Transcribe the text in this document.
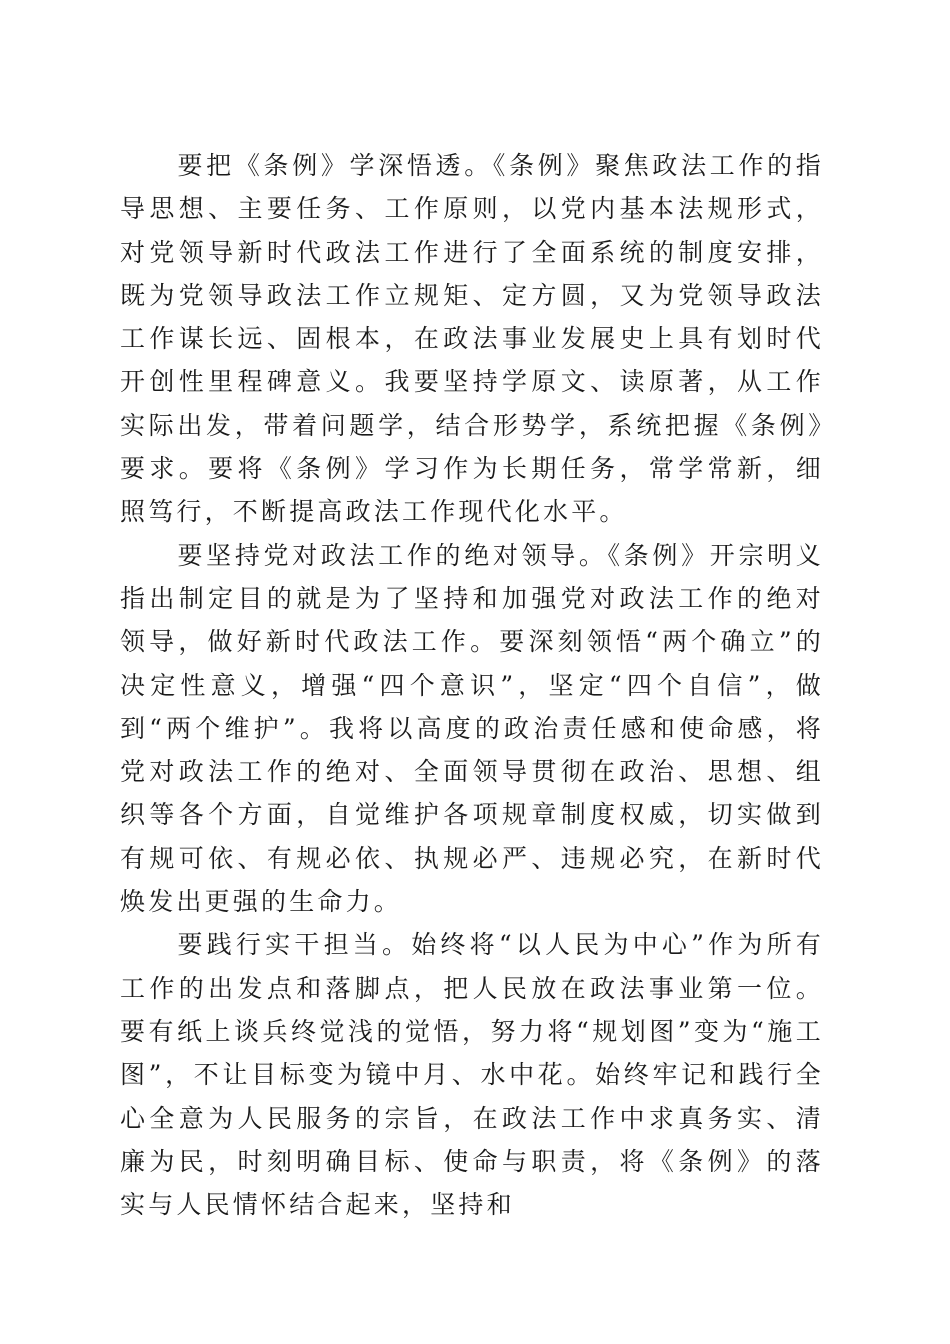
要把《条例》学深悟透。《条例》聚焦政法工作的指导思想、主要任务、工作原则，以党内基本法规形式，对党领导新时代政法工作进行了全面系统的制度安排，既为党领导政法工作立规矩、定方圆，又为党领导政法工作谋长远、固根本，在政法事业发展史上具有划时代开创性里程碑意义。我要坚持学原文、读原著，从工作实际出发，带着问题学，结合形势学，系统把握《条例》要求。要将《条例》学习作为长期任务，常学常新，细照笃行，不断提高政法工作现代化水平。

要坚持党对政法工作的绝对领导。《条例》开宗明义指出制定目的就是为了坚持和加强党对政法工作的绝对领导，做好新时代政法工作。要深刻领悟“两个确立”的决定性意义，增强“四个意识”，坚定“四个自信”，做到“两个维护”。我将以高度的政治责任感和使命感，将党对政法工作的绝对、全面领导贯彻在政治、思想、组织等各个方面，自觉维护各项规章制度权威，切实做到有规可依、有规必依、执规必严、违规必究，在新时代焕发出更强的生命力。

要践行实干担当。始终将“以人民为中心”作为所有工作的出发点和落脚点，把人民放在政法事业第一位。要有纸上谈兵终觉浅的觉悟，努力将“规划图”变为“施工图”，不让目标变为镜中月、水中花。始终牢记和践行全心全意为人民服务的宗旨，在政法工作中求真务实、清廉为民，时刻明确目标、使命与职责，将《条例》的落实与人民情怀结合起来，坚持和
